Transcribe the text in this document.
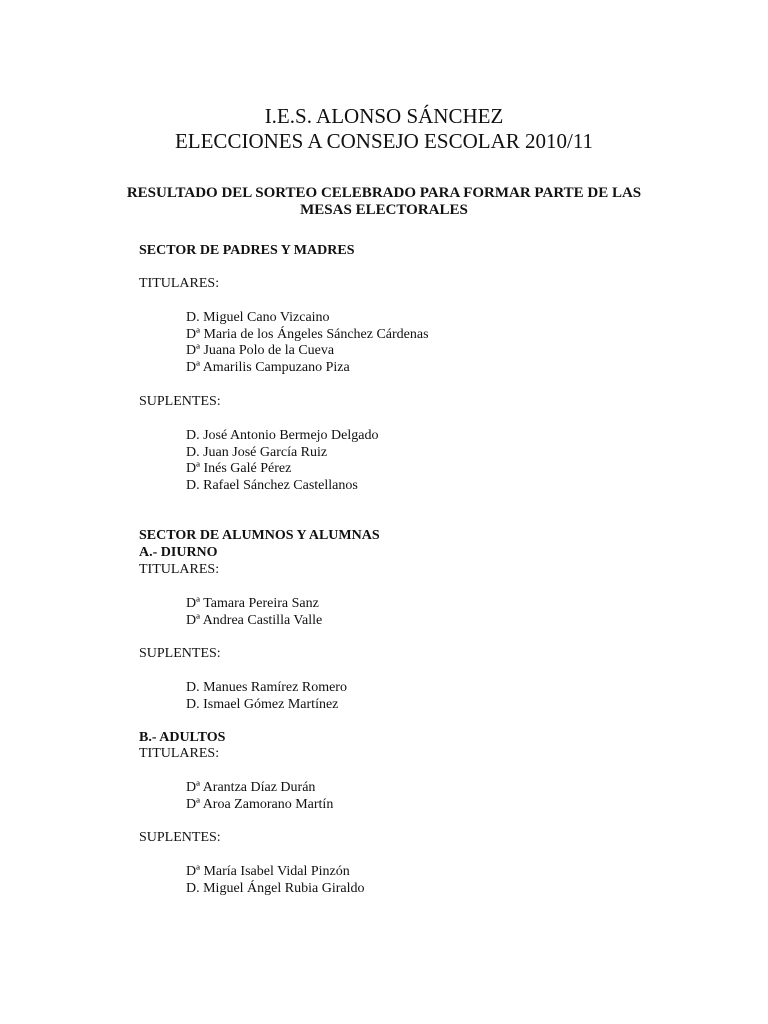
I.E.S. ALONSO SÁNCHEZ
ELECCIONES A CONSEJO ESCOLAR 2010/11
RESULTADO DEL SORTEO CELEBRADO PARA FORMAR PARTE DE LAS
MESAS ELECTORALES
SECTOR DE PADRES Y MADRES
TITULARES:
D. Miguel Cano Vizcaino
Dª Maria de los Ángeles Sánchez Cárdenas
Dª Juana Polo de la Cueva
Dª Amarilis Campuzano Piza
SUPLENTES:
D. José Antonio Bermejo Delgado
D. Juan José García Ruiz
Dª Inés Galé Pérez
D. Rafael Sánchez Castellanos
SECTOR DE ALUMNOS Y ALUMNAS
A.- DIURNO
TITULARES:
Dª Tamara Pereira Sanz
Dª Andrea Castilla Valle
SUPLENTES:
D. Manues Ramírez Romero
D. Ismael Gómez Martínez
B.- ADULTOS
TITULARES:
Dª Arantza Díaz Durán
Dª Aroa Zamorano Martín
SUPLENTES:
Dª María Isabel Vidal Pinzón
D. Miguel Ángel Rubia Giraldo
